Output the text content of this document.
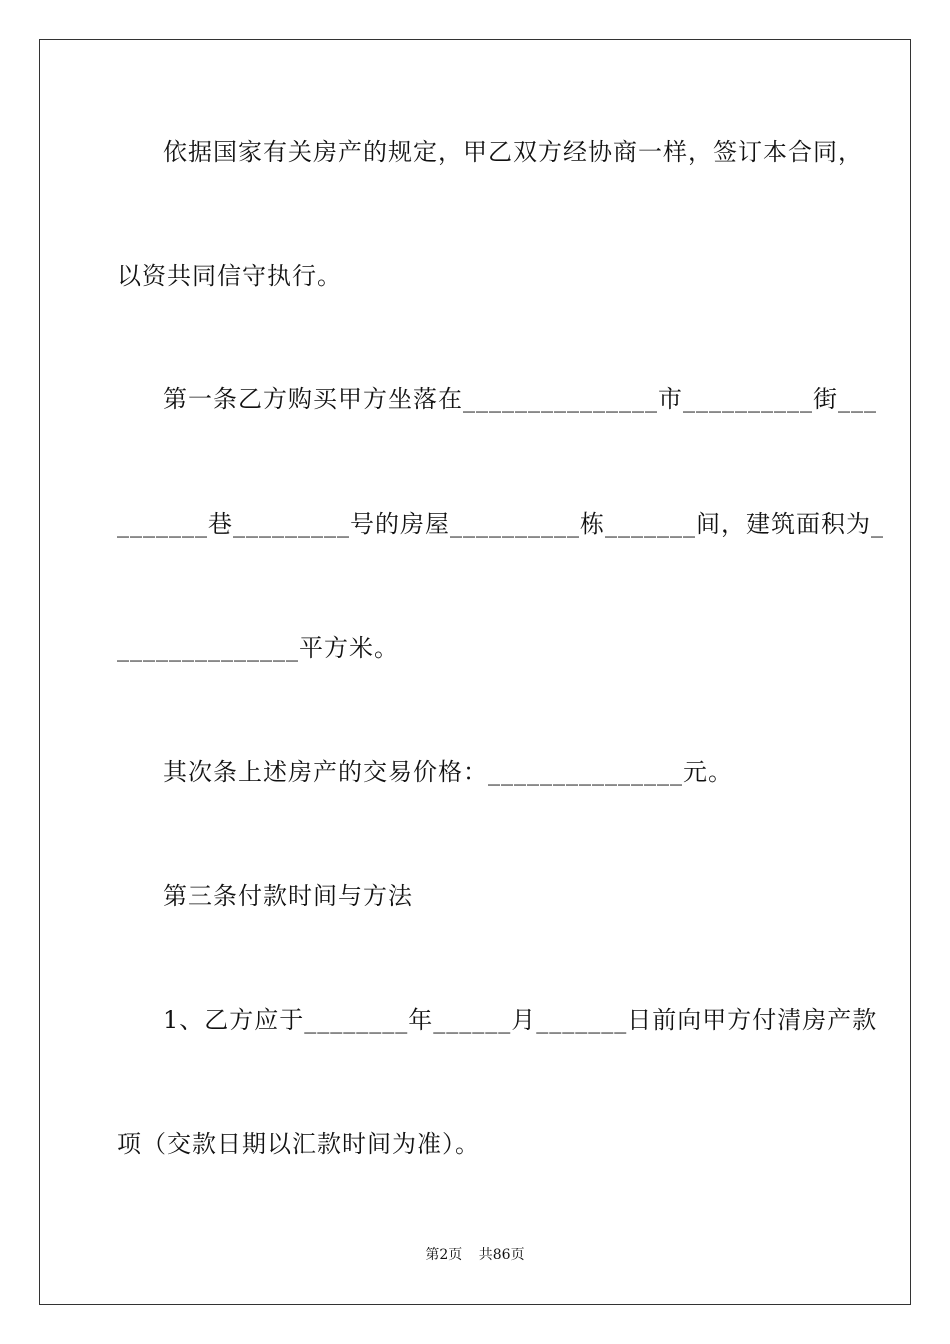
依据国家有关房产的规定，甲乙双方经协商一样，签订本合同，
以资共同信守执行。
第一条乙方购买甲方坐落在_______________市__________街___
_______巷_________号的房屋__________栋_______间，建筑面积为_
______________平方米。
其次条上述房产的交易价格：_______________元。
第三条付款时间与方法
1、乙方应于________年______月_______日前向甲方付清房产款
项（交款日期以汇款时间为准）。
第2页 共86页
